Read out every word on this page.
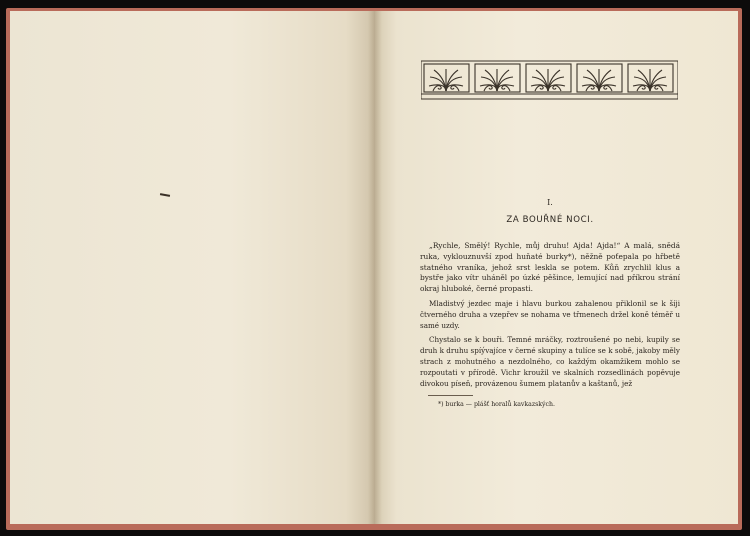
I.
ZA BOUŘNÉ NOCI.

„Rychle, Smělý! Rychle, můj druhu! Ajda! Ajda!“ A malá, snědá ruka, vyklouznuvší zpod huňaté burky*), něžně poťepala po hřbetě statného vraníka, jehož srst leskla se potem. Kůň zrychlil klus a bystře jako vítr uháněl po úzké pěšince, lemující nad příkrou strání okraj hluboké, černé propasti.

Mladistvý jezdec maje i hlavu burkou zahalenou přiklonil se k šíji čtverného druha a vzepřev se nohama ve třmenech držel koně téměř u samé uzdy.

Chystalo se k bouři. Temné mráčky, roztroušené po nebi, kupily se druh k druhu spíývajíce v černé skupiny a tulíce se k sobě, jakoby měly strach z mohutného a nezdolného, co každým okamžikem mohlo se rozpoutati v přírodě. Vichr kroužil ve skalních rozsedlinách popěvuje divokou píseň, provázenou šumem platanův a kaštanů, jež

*) burka — plášť horalů kavkazských.
